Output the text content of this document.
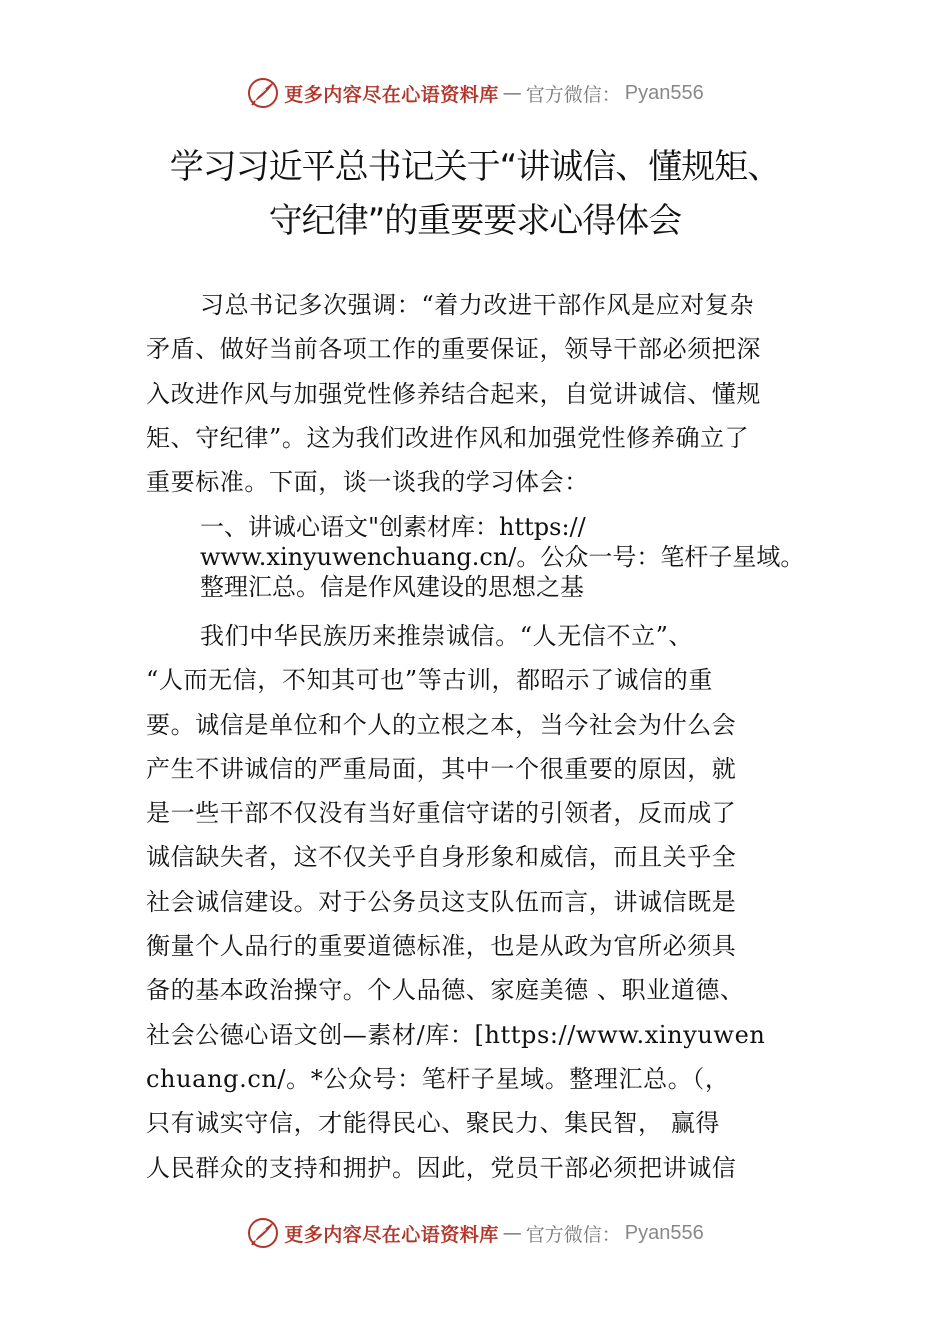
更多内容尽在心语资料库 — 官方微信： Pyan556
学习习近平总书记关于“讲诚信、懂规矩、
守纪律”的重要要求心得体会

习总书记多次强调：“着力改进干部作风是应对复杂
矛盾、做好当前各项工作的重要保证，领导干部必须把深
入改进作风与加强党性修养结合起来，自觉讲诚信、懂规
矩、守纪律”。这为我们改进作风和加强党性修养确立了
重要标准。下面，谈一谈我的学习体会：

一、讲诚心语文"创素材库：https://
www.xinyuwenchuang.cn/。公众一号：笔杆子星域。
整理汇总。信是作风建设的思想之基

我们中华民族历来推崇诚信。“人无信不立”、
“人而无信，不知其可也”等古训，都昭示了诚信的重
要。诚信是单位和个人的立根之本，当今社会为什么会
产生不讲诚信的严重局面，其中一个很重要的原因，就
是一些干部不仅没有当好重信守诺的引领者，反而成了
诚信缺失者，这不仅关乎自身形象和威信，而且关乎全
社会诚信建设。对于公务员这支队伍而言，讲诚信既是
衡量个人品行的重要道德标准，也是从政为官所必须具
备的基本政治操守。个人品德、家庭美德 、职业道德、
社会公德心语文创—素材/库：[https://www.xinyuwen
chuang.cn/。*公众号：笔杆子星域。整理汇总。（，
只有诚实守信，才能得民心、聚民力、集民智， 赢得
人民群众的支持和拥护。因此，党员干部必须把讲诚信

更多内容尽在心语资料库 — 官方微信： Pyan556
